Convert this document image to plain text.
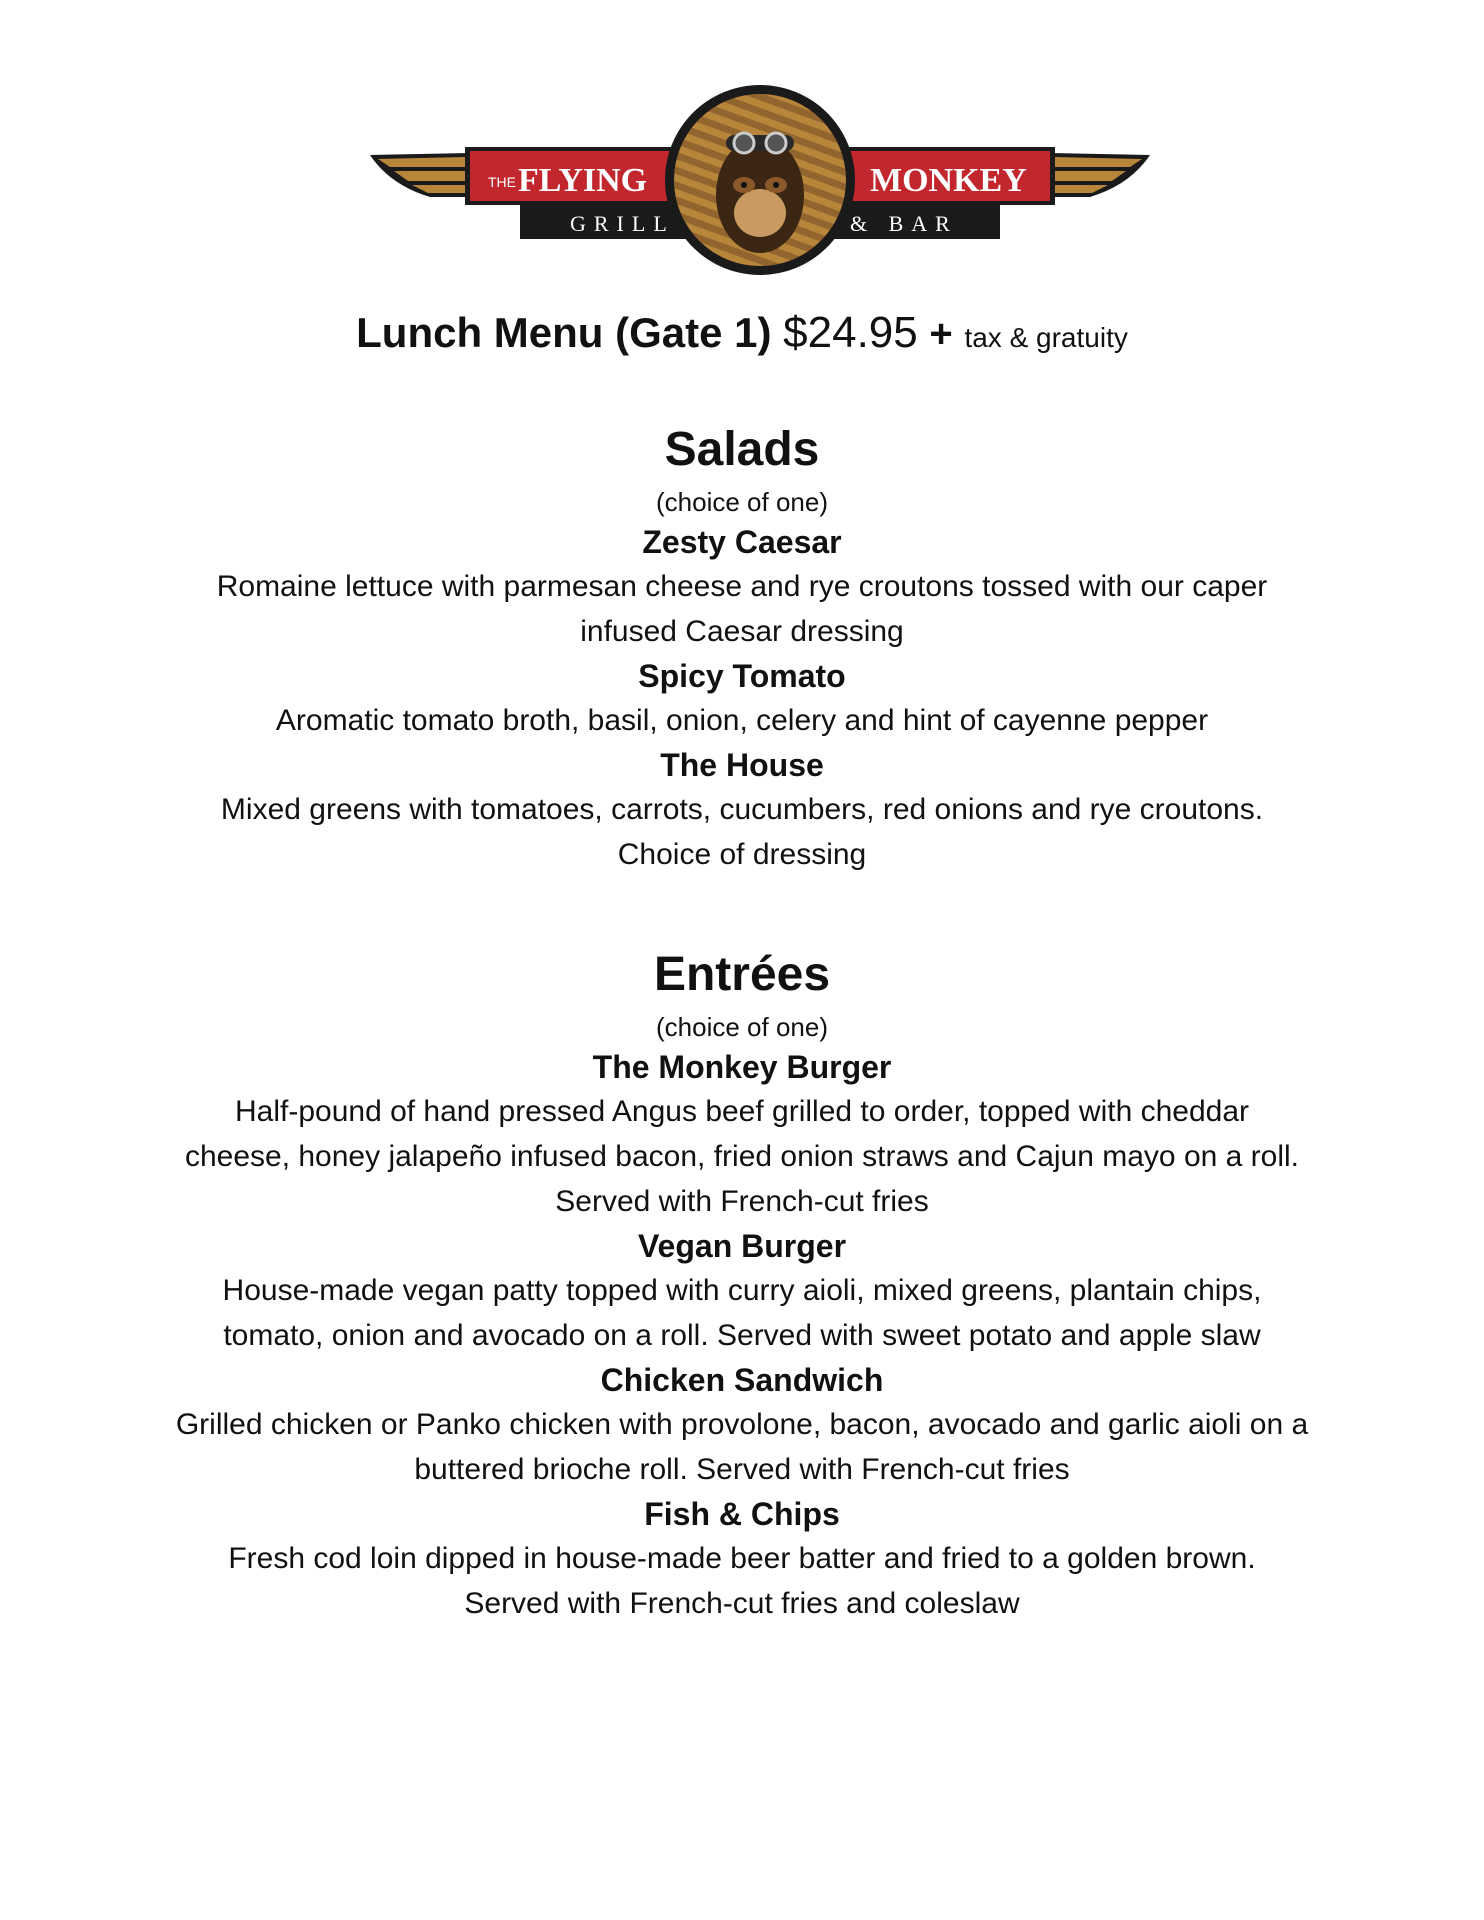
THE FLYING	MONKEY
GRILL	& BAR
Lunch Menu (Gate 1) $24.95 + tax & gratuity
Salads
(choice of one)
Zesty Caesar
Romaine lettuce with parmesan cheese and rye croutons tossed with our caper infused Caesar dressing
Spicy Tomato
Aromatic tomato broth, basil, onion, celery and hint of cayenne pepper
The House
Mixed greens with tomatoes, carrots, cucumbers, red onions and rye croutons. Choice of dressing
Entrées
(choice of one)
The Monkey Burger
Half-pound of hand pressed Angus beef grilled to order, topped with cheddar cheese, honey jalapeño infused bacon, fried onion straws and Cajun mayo on a roll. Served with French-cut fries
Vegan Burger
House-made vegan patty topped with curry aioli, mixed greens, plantain chips, tomato, onion and avocado on a roll. Served with sweet potato and apple slaw
Chicken Sandwich
Grilled chicken or Panko chicken with provolone, bacon, avocado and garlic aioli on a buttered brioche roll. Served with French-cut fries
Fish & Chips
Fresh cod loin dipped in house-made beer batter and fried to a golden brown. Served with French-cut fries and coleslaw
